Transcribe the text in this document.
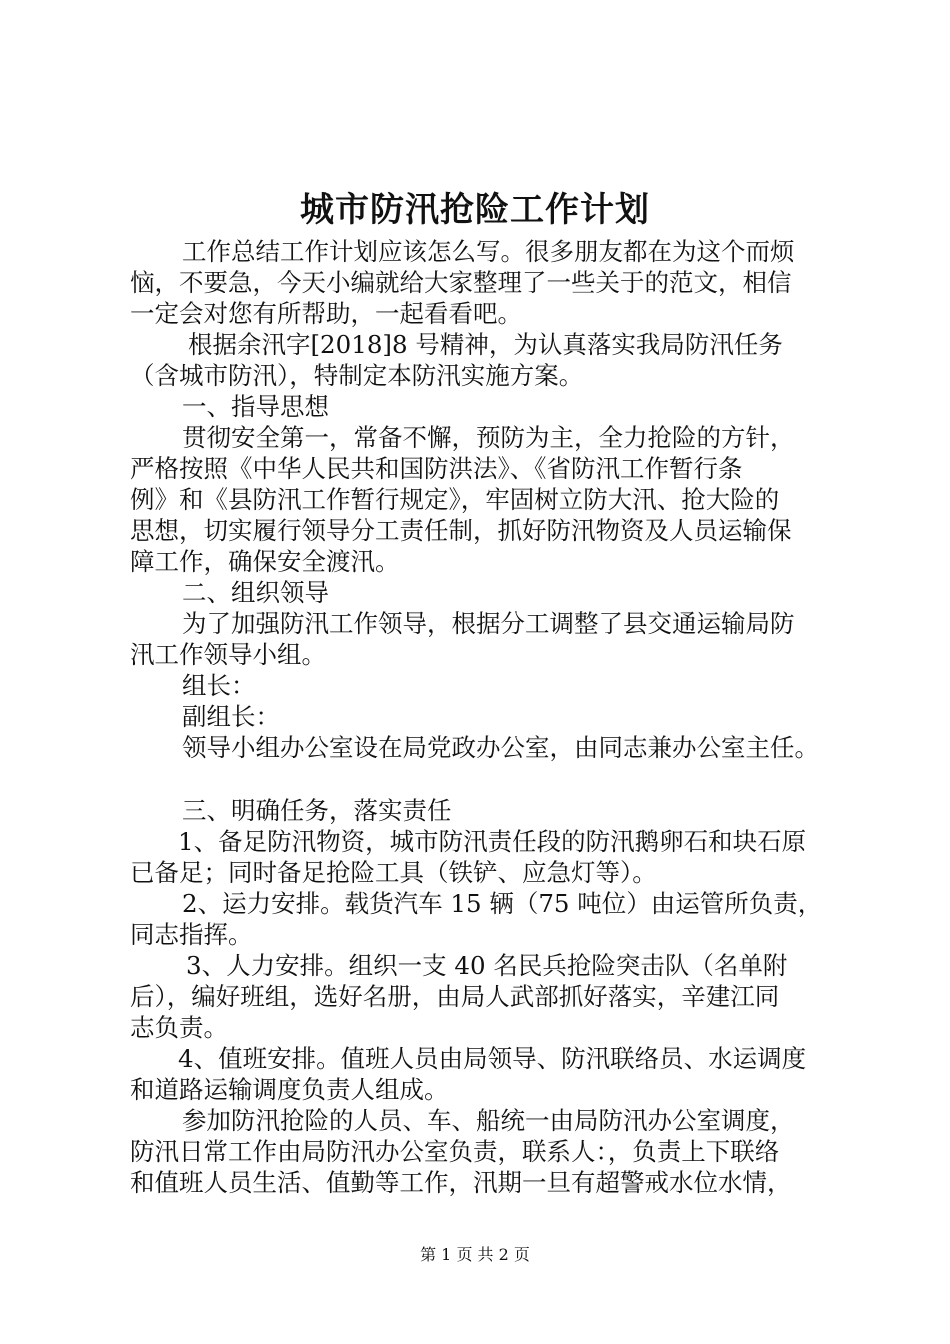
城市防汛抢险工作计划
工作总结工作计划应该怎么写。很多朋友都在为这个而烦
恼，不要急，今天小编就给大家整理了一些关于的范文，相信
一定会对您有所帮助，一起看看吧。
根据余汛字[2018]8 号精神，为认真落实我局防汛任务
（含城市防汛），特制定本防汛实施方案。
一、指导思想
贯彻安全第一，常备不懈，预防为主，全力抢险的方针，
严格按照《中华人民共和国防洪法》、《省防汛工作暂行条
例》和《县防汛工作暂行规定》，牢固树立防大汛、抢大险的
思想，切实履行领导分工责任制，抓好防汛物资及人员运输保
障工作，确保安全渡汛。
二、组织领导
为了加强防汛工作领导，根据分工调整了县交通运输局防
汛工作领导小组。
组长：
副组长：
领导小组办公室设在局党政办公室，由同志兼办公室主任。
三、明确任务，落实责任
1、备足防汛物资，城市防汛责任段的防汛鹅卵石和块石原
已备足；同时备足抢险工具（铁铲、应急灯等）。
2、运力安排。载货汽车 15 辆（75 吨位）由运管所负责，
同志指挥。
3、人力安排。组织一支 40 名民兵抢险突击队（名单附
后），编好班组，选好名册，由局人武部抓好落实，辛建江同
志负责。
4、值班安排。值班人员由局领导、防汛联络员、水运调度
和道路运输调度负责人组成。
参加防汛抢险的人员、车、船统一由局防汛办公室调度，
防汛日常工作由局防汛办公室负责，联系人：，负责上下联络
和值班人员生活、值勤等工作，汛期一旦有超警戒水位水情，
第 1 页 共 2 页
